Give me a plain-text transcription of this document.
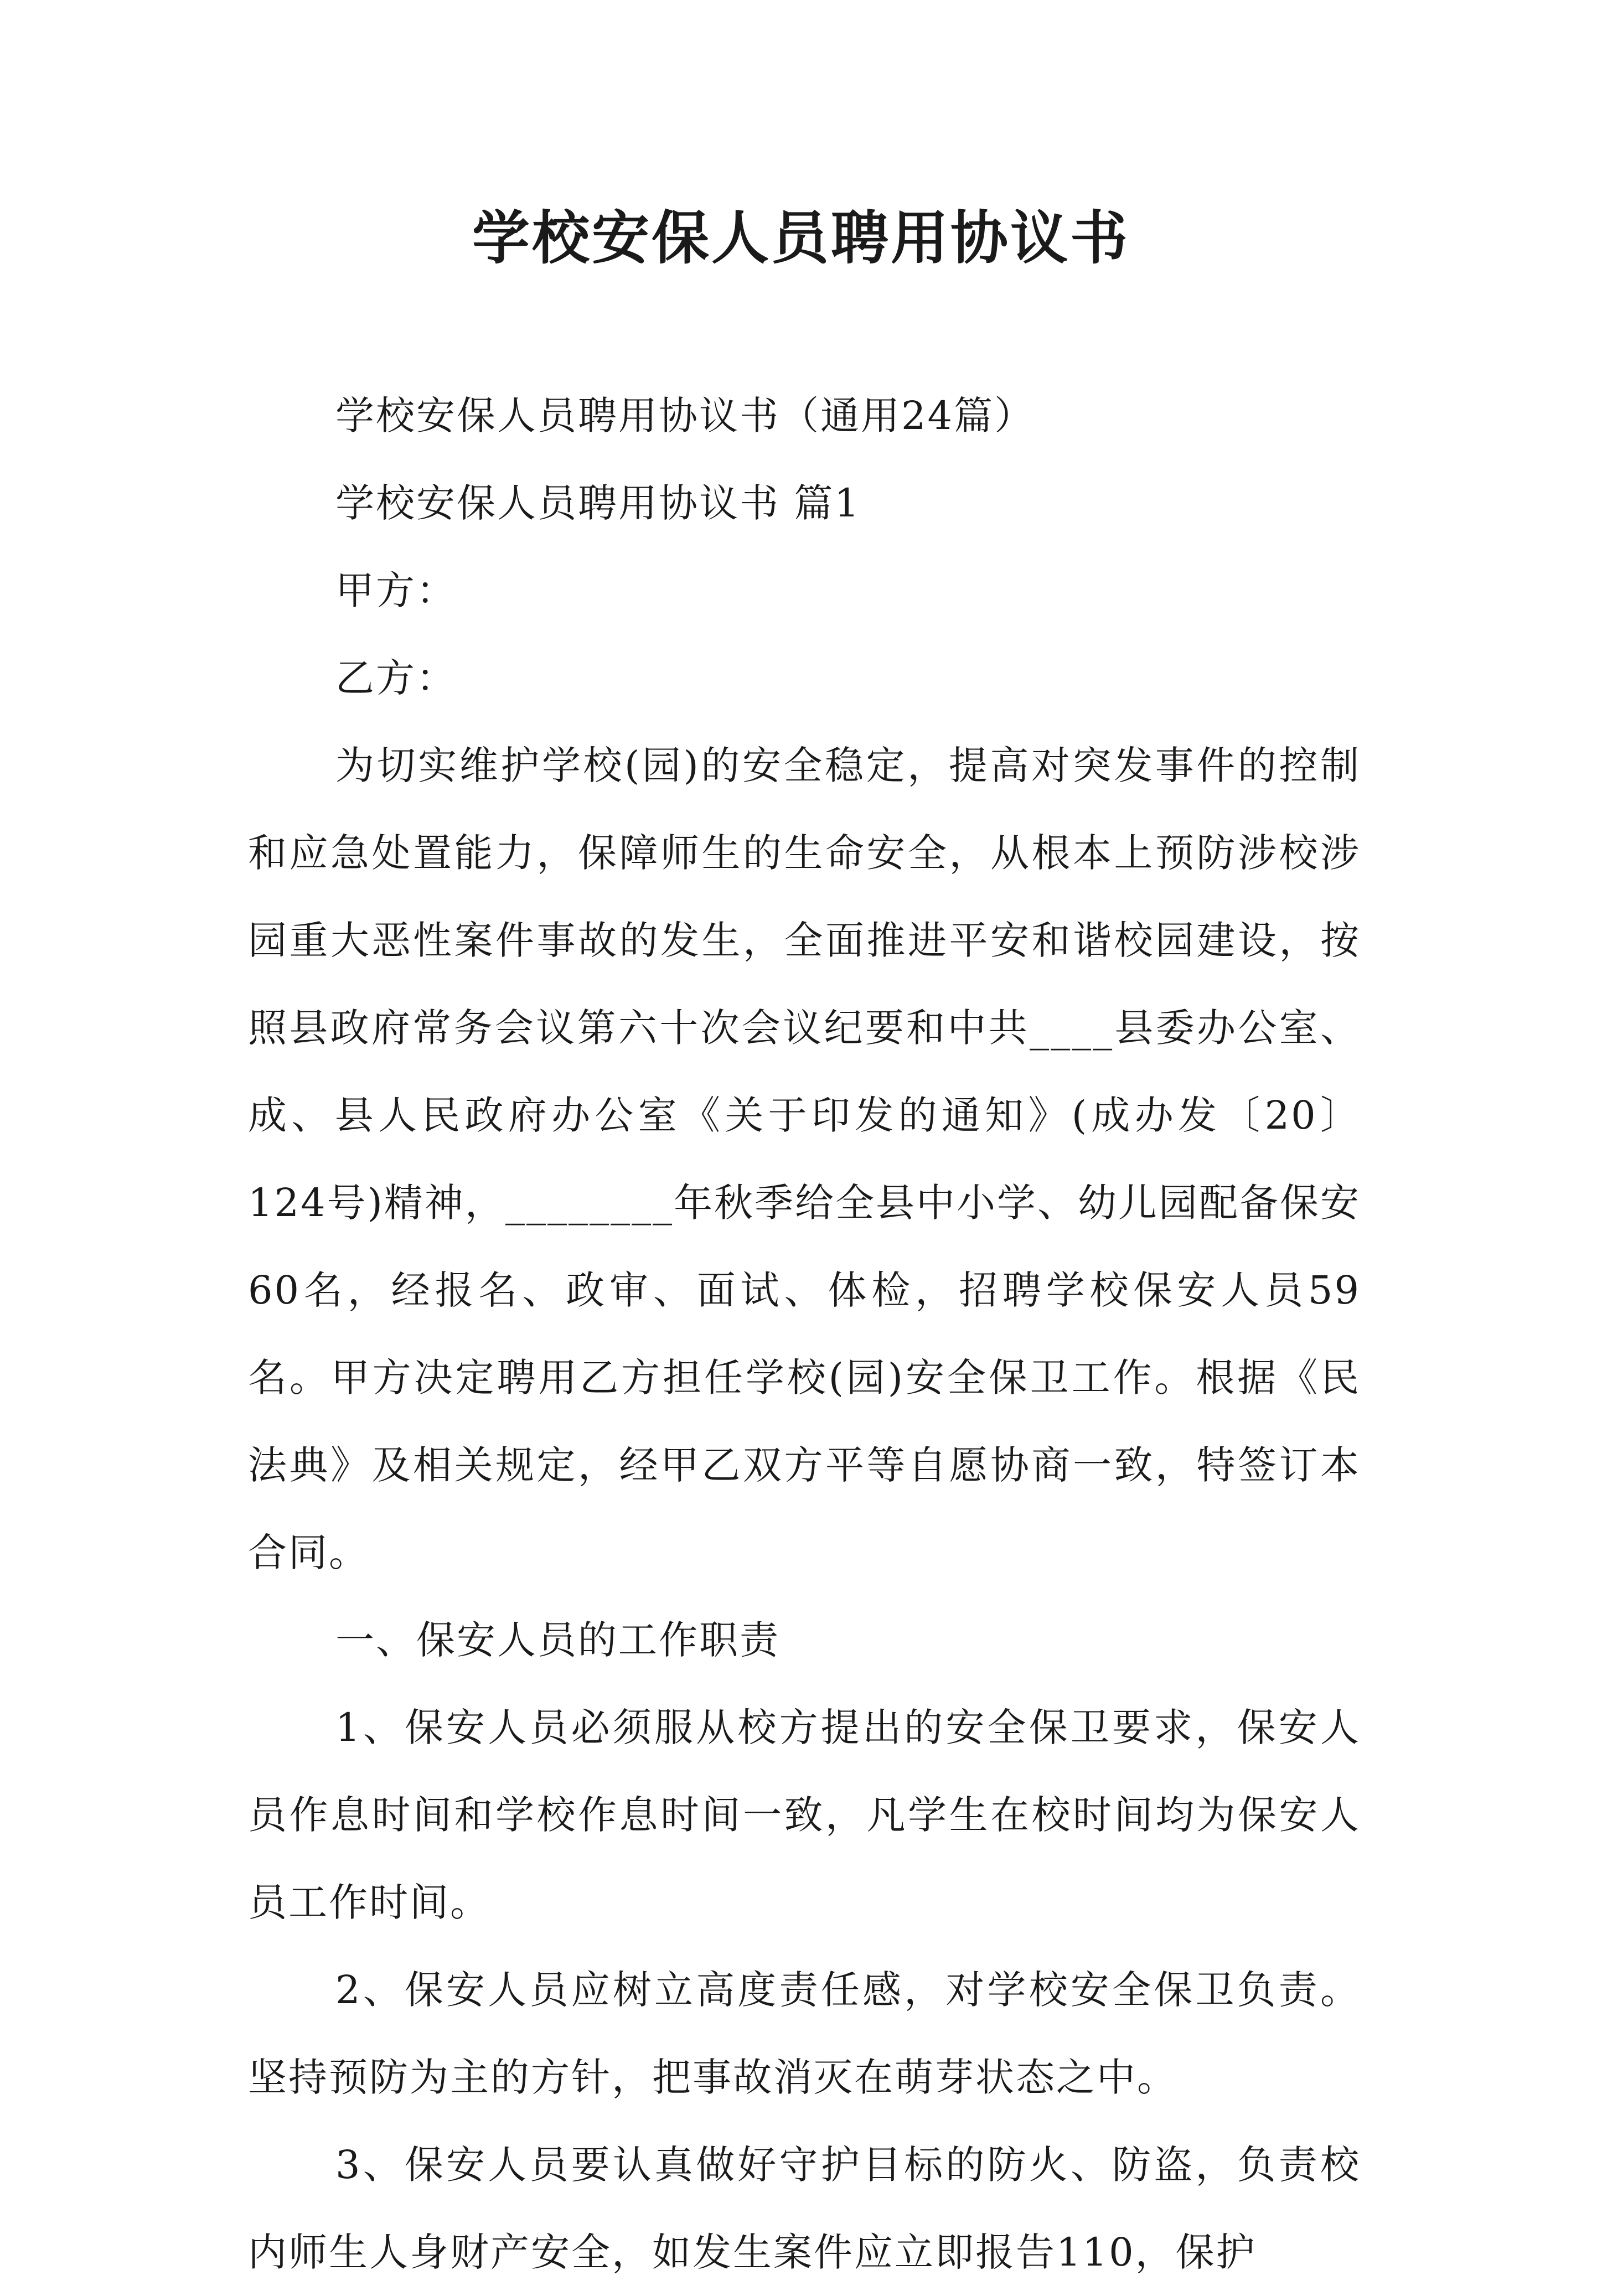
学校安保人员聘用协议书

学校安保人员聘用协议书（通用24篇）

学校安保人员聘用协议书 篇1

甲方：

乙方：

为切实维护学校(园)的安全稳定，提高对突发事件的控制和应急处置能力，保障师生的生命安全，从根本上预防涉校涉园重大恶性案件事故的发生，全面推进平安和谐校园建设，按照县政府常务会议第六十次会议纪要和中共____县委办公室、成、县人民政府办公室《关于印发的通知》(成办发〔20〕124号)精神，________年秋季给全县中小学、幼儿园配备保安60名，经报名、政审、面试、体检，招聘学校保安人员59名。甲方决定聘用乙方担任学校(园)安全保卫工作。根据《民法典》及相关规定，经甲乙双方平等自愿协商一致，特签订本合同。

一、保安人员的工作职责

1、保安人员必须服从校方提出的安全保卫要求，保安人员作息时间和学校作息时间一致，凡学生在校时间均为保安人员工作时间。

2、保安人员应树立高度责任感，对学校安全保卫负责。坚持预防为主的方针，把事故消灭在萌芽状态之中。

3、保安人员要认真做好守护目标的防火、防盗，负责校内师生人身财产安全，如发生案件应立即报告110，保护
